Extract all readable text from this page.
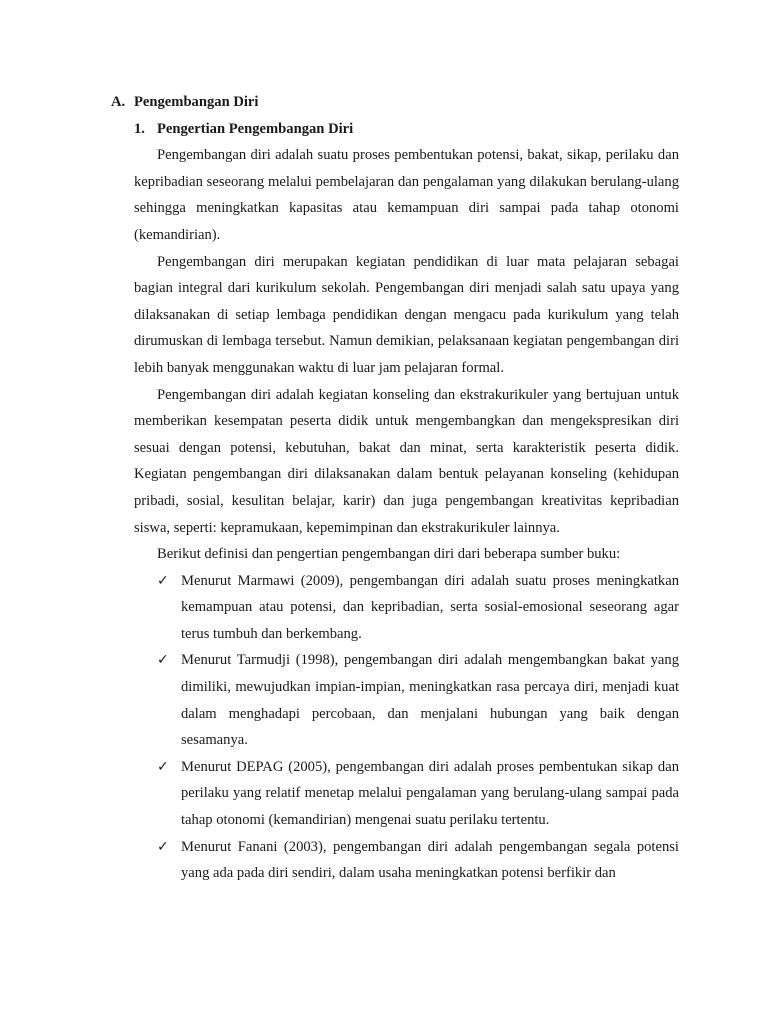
A. Pengembangan Diri
1. Pengertian Pengembangan Diri

Pengembangan diri adalah suatu proses pembentukan potensi, bakat, sikap, perilaku dan kepribadian seseorang melalui pembelajaran dan pengalaman yang dilakukan berulang-ulang sehingga meningkatkan kapasitas atau kemampuan diri sampai pada tahap otonomi (kemandirian).

Pengembangan diri merupakan kegiatan pendidikan di luar mata pelajaran sebagai bagian integral dari kurikulum sekolah. Pengembangan diri menjadi salah satu upaya yang dilaksanakan di setiap lembaga pendidikan dengan mengacu pada kurikulum yang telah dirumuskan di lembaga tersebut. Namun demikian, pelaksanaan kegiatan pengembangan diri lebih banyak menggunakan waktu di luar jam pelajaran formal.

Pengembangan diri adalah kegiatan konseling dan ekstrakurikuler yang bertujuan untuk memberikan kesempatan peserta didik untuk mengembangkan dan mengekspresikan diri sesuai dengan potensi, kebutuhan, bakat dan minat, serta karakteristik peserta didik. Kegiatan pengembangan diri dilaksanakan dalam bentuk pelayanan konseling (kehidupan pribadi, sosial, kesulitan belajar, karir) dan juga pengembangan kreativitas kepribadian siswa, seperti: kepramukaan, kepemimpinan dan ekstrakurikuler lainnya.

Berikut definisi dan pengertian pengembangan diri dari beberapa sumber buku:

✓ Menurut Marmawi (2009), pengembangan diri adalah suatu proses meningkatkan kemampuan atau potensi, dan kepribadian, serta sosial-emosional seseorang agar terus tumbuh dan berkembang.
✓ Menurut Tarmudji (1998), pengembangan diri adalah mengembangkan bakat yang dimiliki, mewujudkan impian-impian, meningkatkan rasa percaya diri, menjadi kuat dalam menghadapi percobaan, dan menjalani hubungan yang baik dengan sesamanya.
✓ Menurut DEPAG (2005), pengembangan diri adalah proses pembentukan sikap dan perilaku yang relatif menetap melalui pengalaman yang berulang-ulang sampai pada tahap otonomi (kemandirian) mengenai suatu perilaku tertentu.
✓ Menurut Fanani (2003), pengembangan diri adalah pengembangan segala potensi yang ada pada diri sendiri, dalam usaha meningkatkan potensi berfikir dan
